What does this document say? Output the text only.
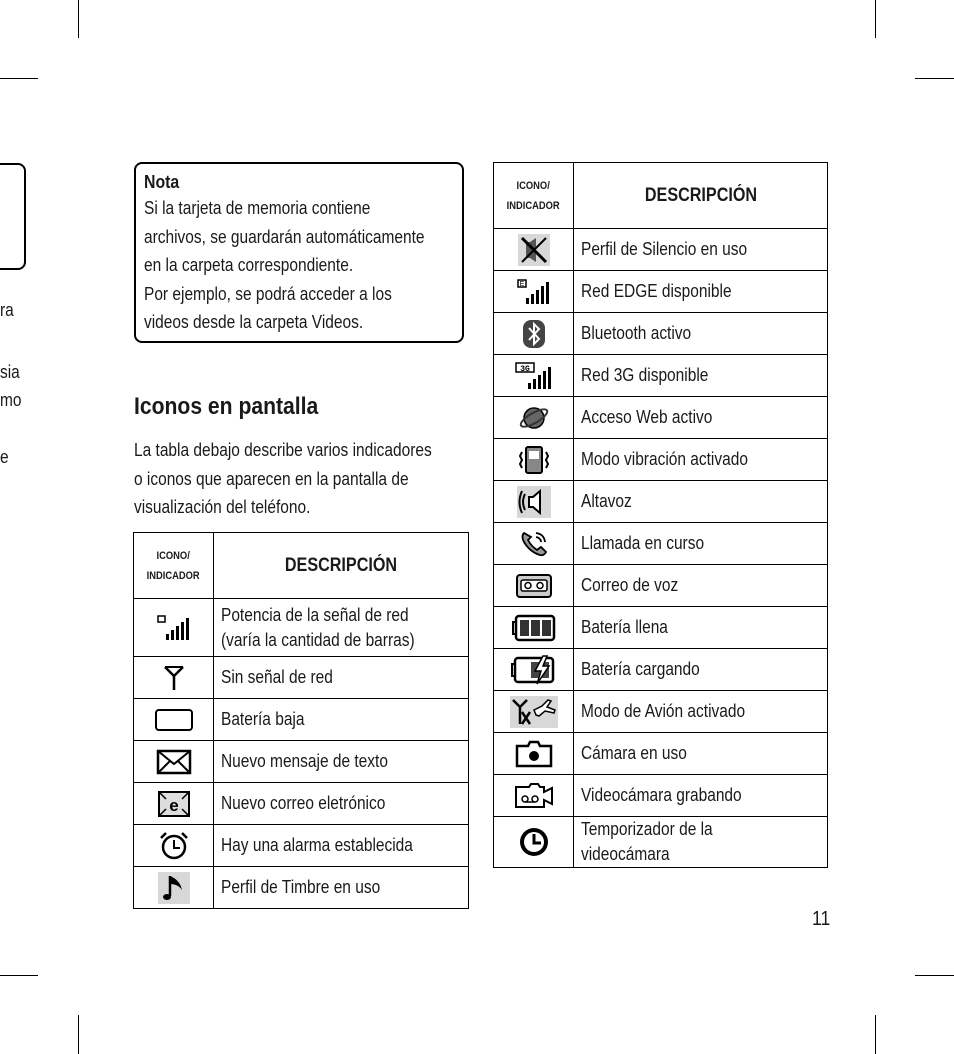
ra
sia
mo
e
Nota
Si la tarjeta de memoria contiene
archivos, se guardarán automáticamente
en la carpeta correspondiente.
Por ejemplo, se podrá acceder a los
videos desde la carpeta Videos.
Iconos en pantalla
La tabla debajo describe varios indicadores
o iconos que aparecen en la pantalla de
visualización del teléfono.
ICONO/
INDICADOR	DESCRIPCIÓN

	Potencia de la señal de red
(varía la cantidad de barras)

	Sin señal de red

	Batería baja

	Nuevo mensaje de texto

e	Nuevo correo eletrónico

	Hay una alarma establecida

	Perfil de Timbre en uso
ICONO/
INDICADOR	DESCRIPCIÓN

	Perfil de Silencio en uso

E	Red EDGE disponible

	Bluetooth activo

3G	Red 3G disponible

	Acceso Web activo

	Modo vibración activado

	Altavoz

	Llamada en curso

	Correo de voz

	Batería llena

	Batería cargando

	Modo de Avión activado

	Cámara en uso

	Videocámara grabando

	Temporizador de la videocámara
11
